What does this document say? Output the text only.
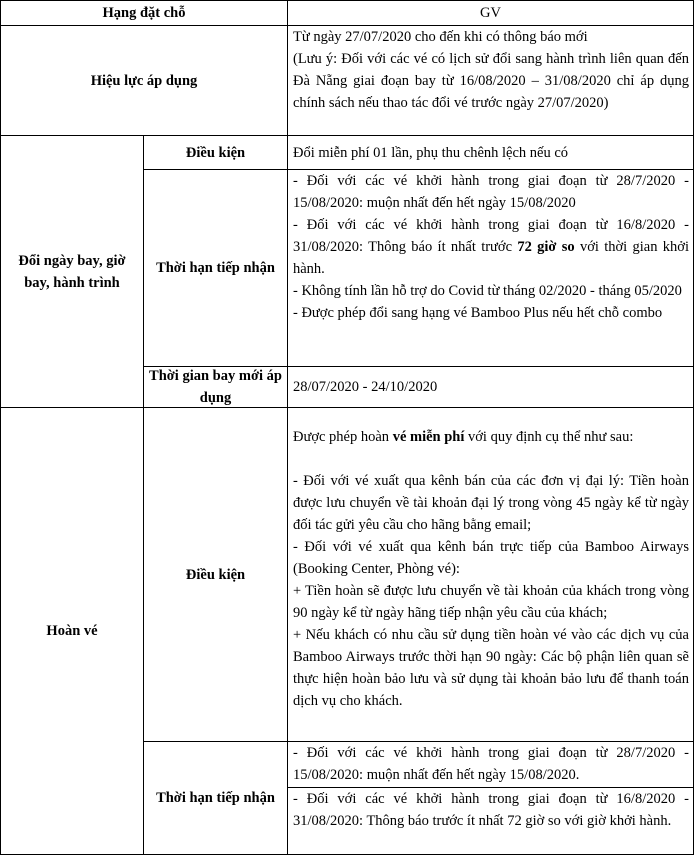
Hạng đặt chỗ	GV
Hiệu lực áp dụng

Từ ngày 27/07/2020 cho đến khi có thông báo mới

(Lưu ý: Đối với các vé có lịch sử đổi sang hành trình liên quan đến Đà Nẵng giai đoạn bay từ 16/08/2020 – 31/08/2020 chỉ áp dụng chính sách nếu thao tác đổi vé trước ngày 27/07/2020)

Đổi ngày bay, giờ bay, hành trình
Điều kiện	Đổi miễn phí 01 lần, phụ thu chênh lệch nếu có
Thời hạn tiếp nhận

- Đối với các vé khởi hành trong giai đoạn từ 28/7/2020 - 15/08/2020: muộn nhất đến hết ngày 15/08/2020

- Đối với các vé khởi hành trong giai đoạn từ 16/8/2020 - 31/08/2020: Thông báo ít nhất trước 72 giờ so với thời gian khởi hành.

- Không tính lần hỗ trợ do Covid từ tháng 02/2020 - tháng 05/2020

- Được phép đổi sang hạng vé Bamboo Plus nếu hết chỗ combo

Thời gian bay mới áp dụng
28/07/2020 - 24/10/2020
Hoàn vé
Điều kiện

Được phép hoàn vé miễn phí với quy định cụ thể như sau:

- Đối với vé xuất qua kênh bán của các đơn vị đại lý: Tiền hoàn được lưu chuyển về tài khoản đại lý trong vòng 45 ngày kể từ ngày đối tác gửi yêu cầu cho hãng bằng email;

- Đối với vé xuất qua kênh bán trực tiếp của Bamboo Airways (Booking Center, Phòng vé):

+ Tiền hoàn sẽ được lưu chuyển về tài khoản của khách trong vòng 90 ngày kể từ ngày hãng tiếp nhận yêu cầu của khách;

+ Nếu khách có nhu cầu sử dụng tiền hoàn vé vào các dịch vụ của Bamboo Airways trước thời hạn 90 ngày: Các bộ phận liên quan sẽ thực hiện hoàn bảo lưu và sử dụng tài khoản bảo lưu để thanh toán dịch vụ cho khách.

Thời hạn tiếp nhận
- Đối với các vé khởi hành trong giai đoạn từ 28/7/2020 - 15/08/2020: muộn nhất đến hết ngày 15/08/2020.
- Đối với các vé khởi hành trong giai đoạn từ 16/8/2020 - 31/08/2020: Thông báo trước ít nhất 72 giờ so với giờ khởi hành.
